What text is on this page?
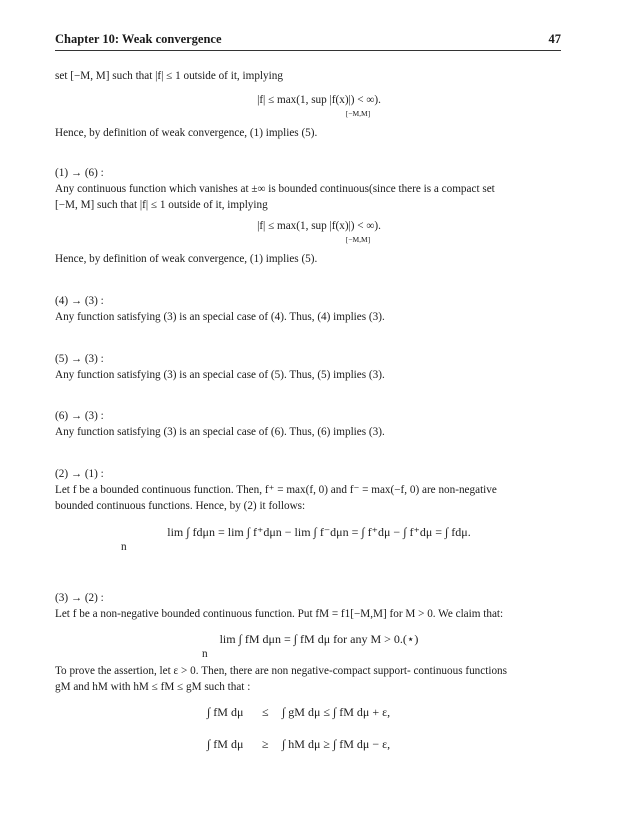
Chapter 10: Weak convergence	47
set [−M, M] such that |f| ≤ 1 outside of it, implying
|f| ≤ max(1, sup |f(x)|) < ∞).
[−M,M]
Hence, by definition of weak convergence, (1) implies (5).
(1) → (6) :
Any continuous function which vanishes at ±∞ is bounded continuous(since there is a compact set
[−M, M] such that |f| ≤ 1 outside of it, implying
|f| ≤ max(1, sup |f(x)|) < ∞).
[−M,M]
Hence, by definition of weak convergence, (1) implies (5).
(4) → (3) :
Any function satisfying (3) is an special case of (4). Thus, (4) implies (3).
(5) → (3) :
Any function satisfying (3) is an special case of (5). Thus, (5) implies (3).
(6) → (3) :
Any function satisfying (3) is an special case of (6). Thus, (6) implies (3).
(2) → (1) :
Let f be a bounded continuous function. Then, f⁺ = max(f, 0) and f⁻ = max(−f, 0) are non-negative
bounded continuous functions. Hence, by (2) it follows:
lim ∫ fdμn = lim ∫ f⁺dμn − lim ∫ f⁻dμn = ∫ f⁺dμ − ∫ f⁺dμ = ∫ fdμ.
n
(3) → (2) :
Let f be a non-negative bounded continuous function. Put fM = f1[−M,M] for M > 0. We claim that:
lim ∫ fM dμn = ∫ fM dμ for any M > 0.(⋆)
n
To prove the assertion, let ε > 0. Then, there are non negative-compact support- continuous functions
gM and hM with hM ≤ fM ≤ gM such that :
∫ fM dμ ≤ ∫ gM dμ ≤ ∫ fM dμ + ε,
∫ fM dμ ≥ ∫ hM dμ ≥ ∫ fM dμ − ε,
